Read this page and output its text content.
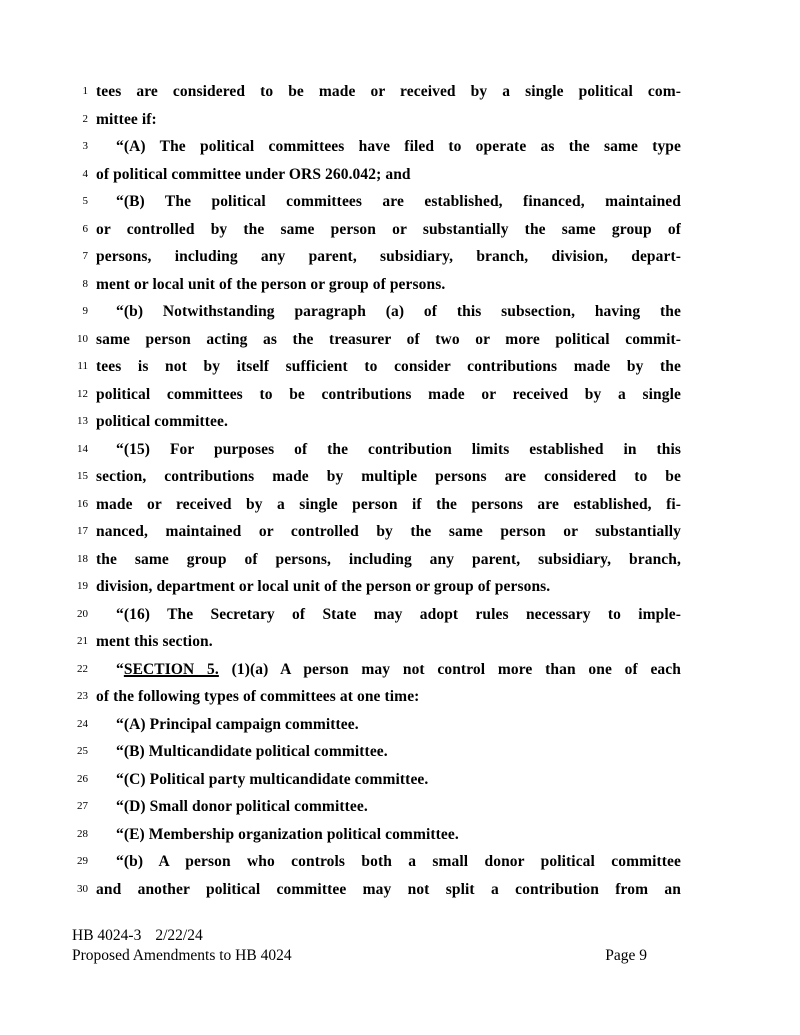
1 tees are considered to be made or received by a single political com-
2 mittee if:
3	“(A) The political committees have filed to operate as the same type
4 of political committee under ORS 260.042; and
5	“(B) The political committees are established, financed, maintained
6 or controlled by the same person or substantially the same group of
7 persons, including any parent, subsidiary, branch, division, depart-
8 ment or local unit of the person or group of persons.
9	“(b) Notwithstanding paragraph (a) of this subsection, having the
10 same person acting as the treasurer of two or more political commit-
11 tees is not by itself sufficient to consider contributions made by the
12 political committees to be contributions made or received by a single
13 political committee.
14	“(15) For purposes of the contribution limits established in this
15 section, contributions made by multiple persons are considered to be
16 made or received by a single person if the persons are established, fi-
17 nanced, maintained or controlled by the same person or substantially
18 the same group of persons, including any parent, subsidiary, branch,
19 division, department or local unit of the person or group of persons.
20	“(16) The Secretary of State may adopt rules necessary to imple-
21 ment this section.
22	“SECTION 5. (1)(a) A person may not control more than one of each
23 of the following types of committees at one time:
24	“(A) Principal campaign committee.
25	“(B) Multicandidate political committee.
26	“(C) Political party multicandidate committee.
27	“(D) Small donor political committee.
28	“(E) Membership organization political committee.
29	“(b) A person who controls both a small donor political committee
30 and another political committee may not split a contribution from an
HB 4024-3 2/22/24
Proposed Amendments to HB 4024	Page 9
